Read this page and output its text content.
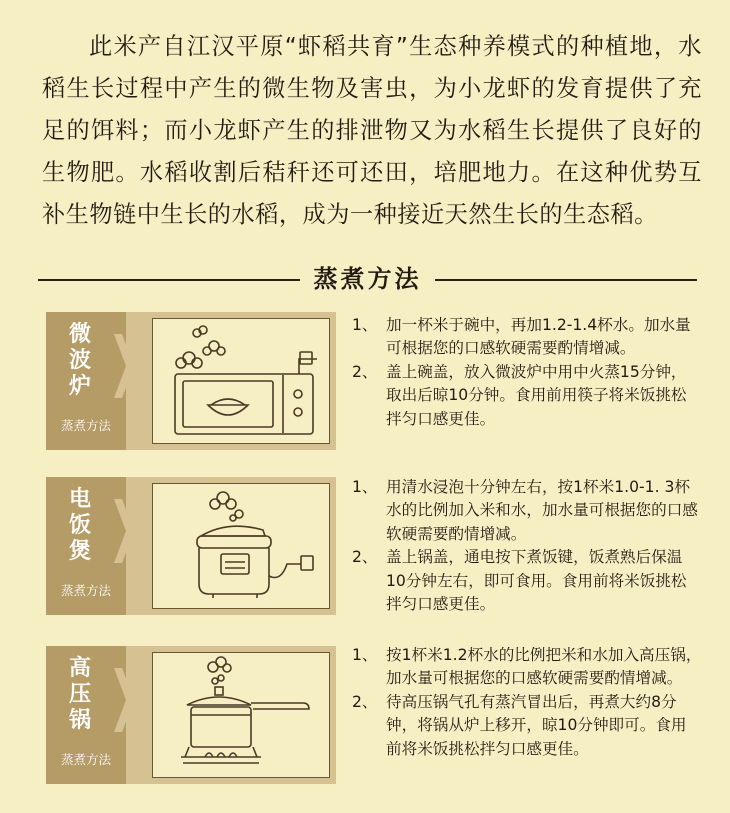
此米产自江汉平原“虾稻共育”生态种养模式的种植地，水稻生长过程中产生的微生物及害虫，为小龙虾的发育提供了充足的饵料；而小龙虾产生的排泄物又为水稻生长提供了良好的生物肥。水稻收割后秸秆还可还田，培肥地力。在这种优势互补生物链中生长的水稻，成为一种接近天然生长的生态稻。

蒸煮方法
微
波
炉
蒸煮方法
1、 加一杯米于碗中，再加1.2-1.4杯水。加水量可根据您的口感软硬需要酌情增减。
2、 盖上碗盖，放入微波炉中用中火蒸15分钟，取出后晾10分钟。食用前用筷子将米饭挑松拌匀口感更佳。
电
饭
煲
蒸煮方法
1、 用清水浸泡十分钟左右，按1杯米1.0-1. 3杯水的比例加入米和水，加水量可根据您的口感软硬需要酌情增减。
2、 盖上锅盖，通电按下煮饭键，饭煮熟后保温10分钟左右，即可食用。食用前将米饭挑松拌匀口感更佳。
高
压
锅
蒸煮方法
1、 按1杯米1.2杯水的比例把米和水加入高压锅，加水量可根据您的口感软硬需要酌情增减。
2、 待高压锅气孔有蒸汽冒出后，再煮大约8分钟，将锅从炉上移开，晾10分钟即可。食用前将米饭挑松拌匀口感更佳。
